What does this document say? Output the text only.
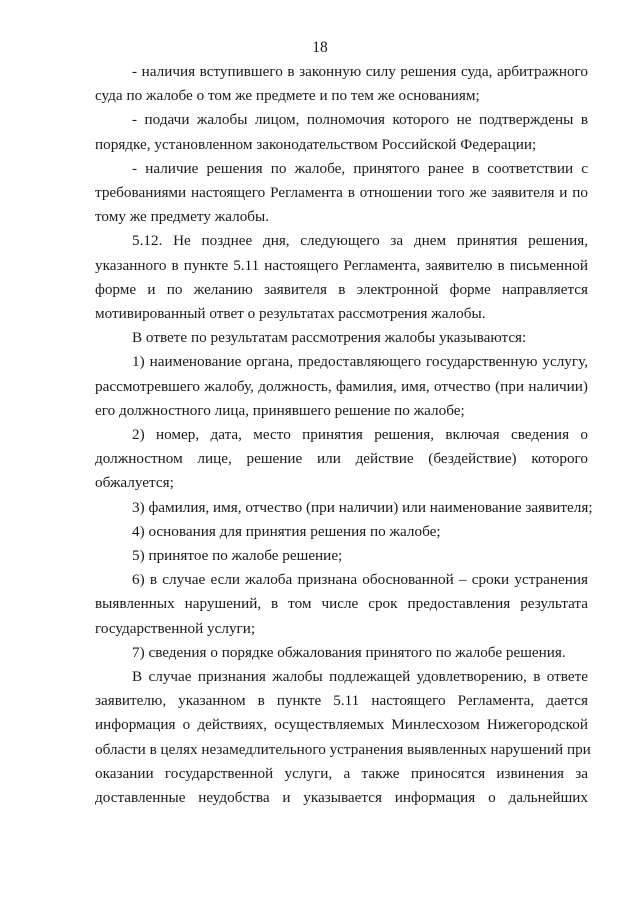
18

- наличия вступившего в законную силу решения суда, арбитражного
суда по жалобе о том же предмете и по тем же основаниям;

- подачи жалобы лицом, полномочия которого не подтверждены в
порядке, установленном законодательством Российской Федерации;

- наличие решения по жалобе, принятого ранее в соответствии с
требованиями настоящего Регламента в отношении того же заявителя и по
тому же предмету жалобы.

5.12. Не позднее дня, следующего за днем принятия решения,
указанного в пункте 5.11 настоящего Регламента, заявителю в письменной
форме и по желанию заявителя в электронной форме направляется
мотивированный ответ о результатах рассмотрения жалобы.

В ответе по результатам рассмотрения жалобы указываются:

1) наименование органа, предоставляющего государственную услугу,
рассмотревшего жалобу, должность, фамилия, имя, отчество (при наличии)
его должностного лица, принявшего решение по жалобе;

2) номер, дата, место принятия решения, включая сведения о
должностном лице, решение или действие (бездействие) которого
обжалуется;

3) фамилия, имя, отчество (при наличии) или наименование заявителя;

4) основания для принятия решения по жалобе;

5) принятое по жалобе решение;

6) в случае если жалоба признана обоснованной – сроки устранения
выявленных нарушений, в том числе срок предоставления результата
государственной услуги;

7) сведения о порядке обжалования принятого по жалобе решения.

В случае признания жалобы подлежащей удовлетворению, в ответе
заявителю, указанном в пункте 5.11 настоящего Регламента, дается
информация о действиях, осуществляемых Минлесхозом Нижегородской
области в целях незамедлительного устранения выявленных нарушений при
оказании государственной услуги, а также приносятся извинения за
доставленные неудобства и указывается информация о дальнейших
